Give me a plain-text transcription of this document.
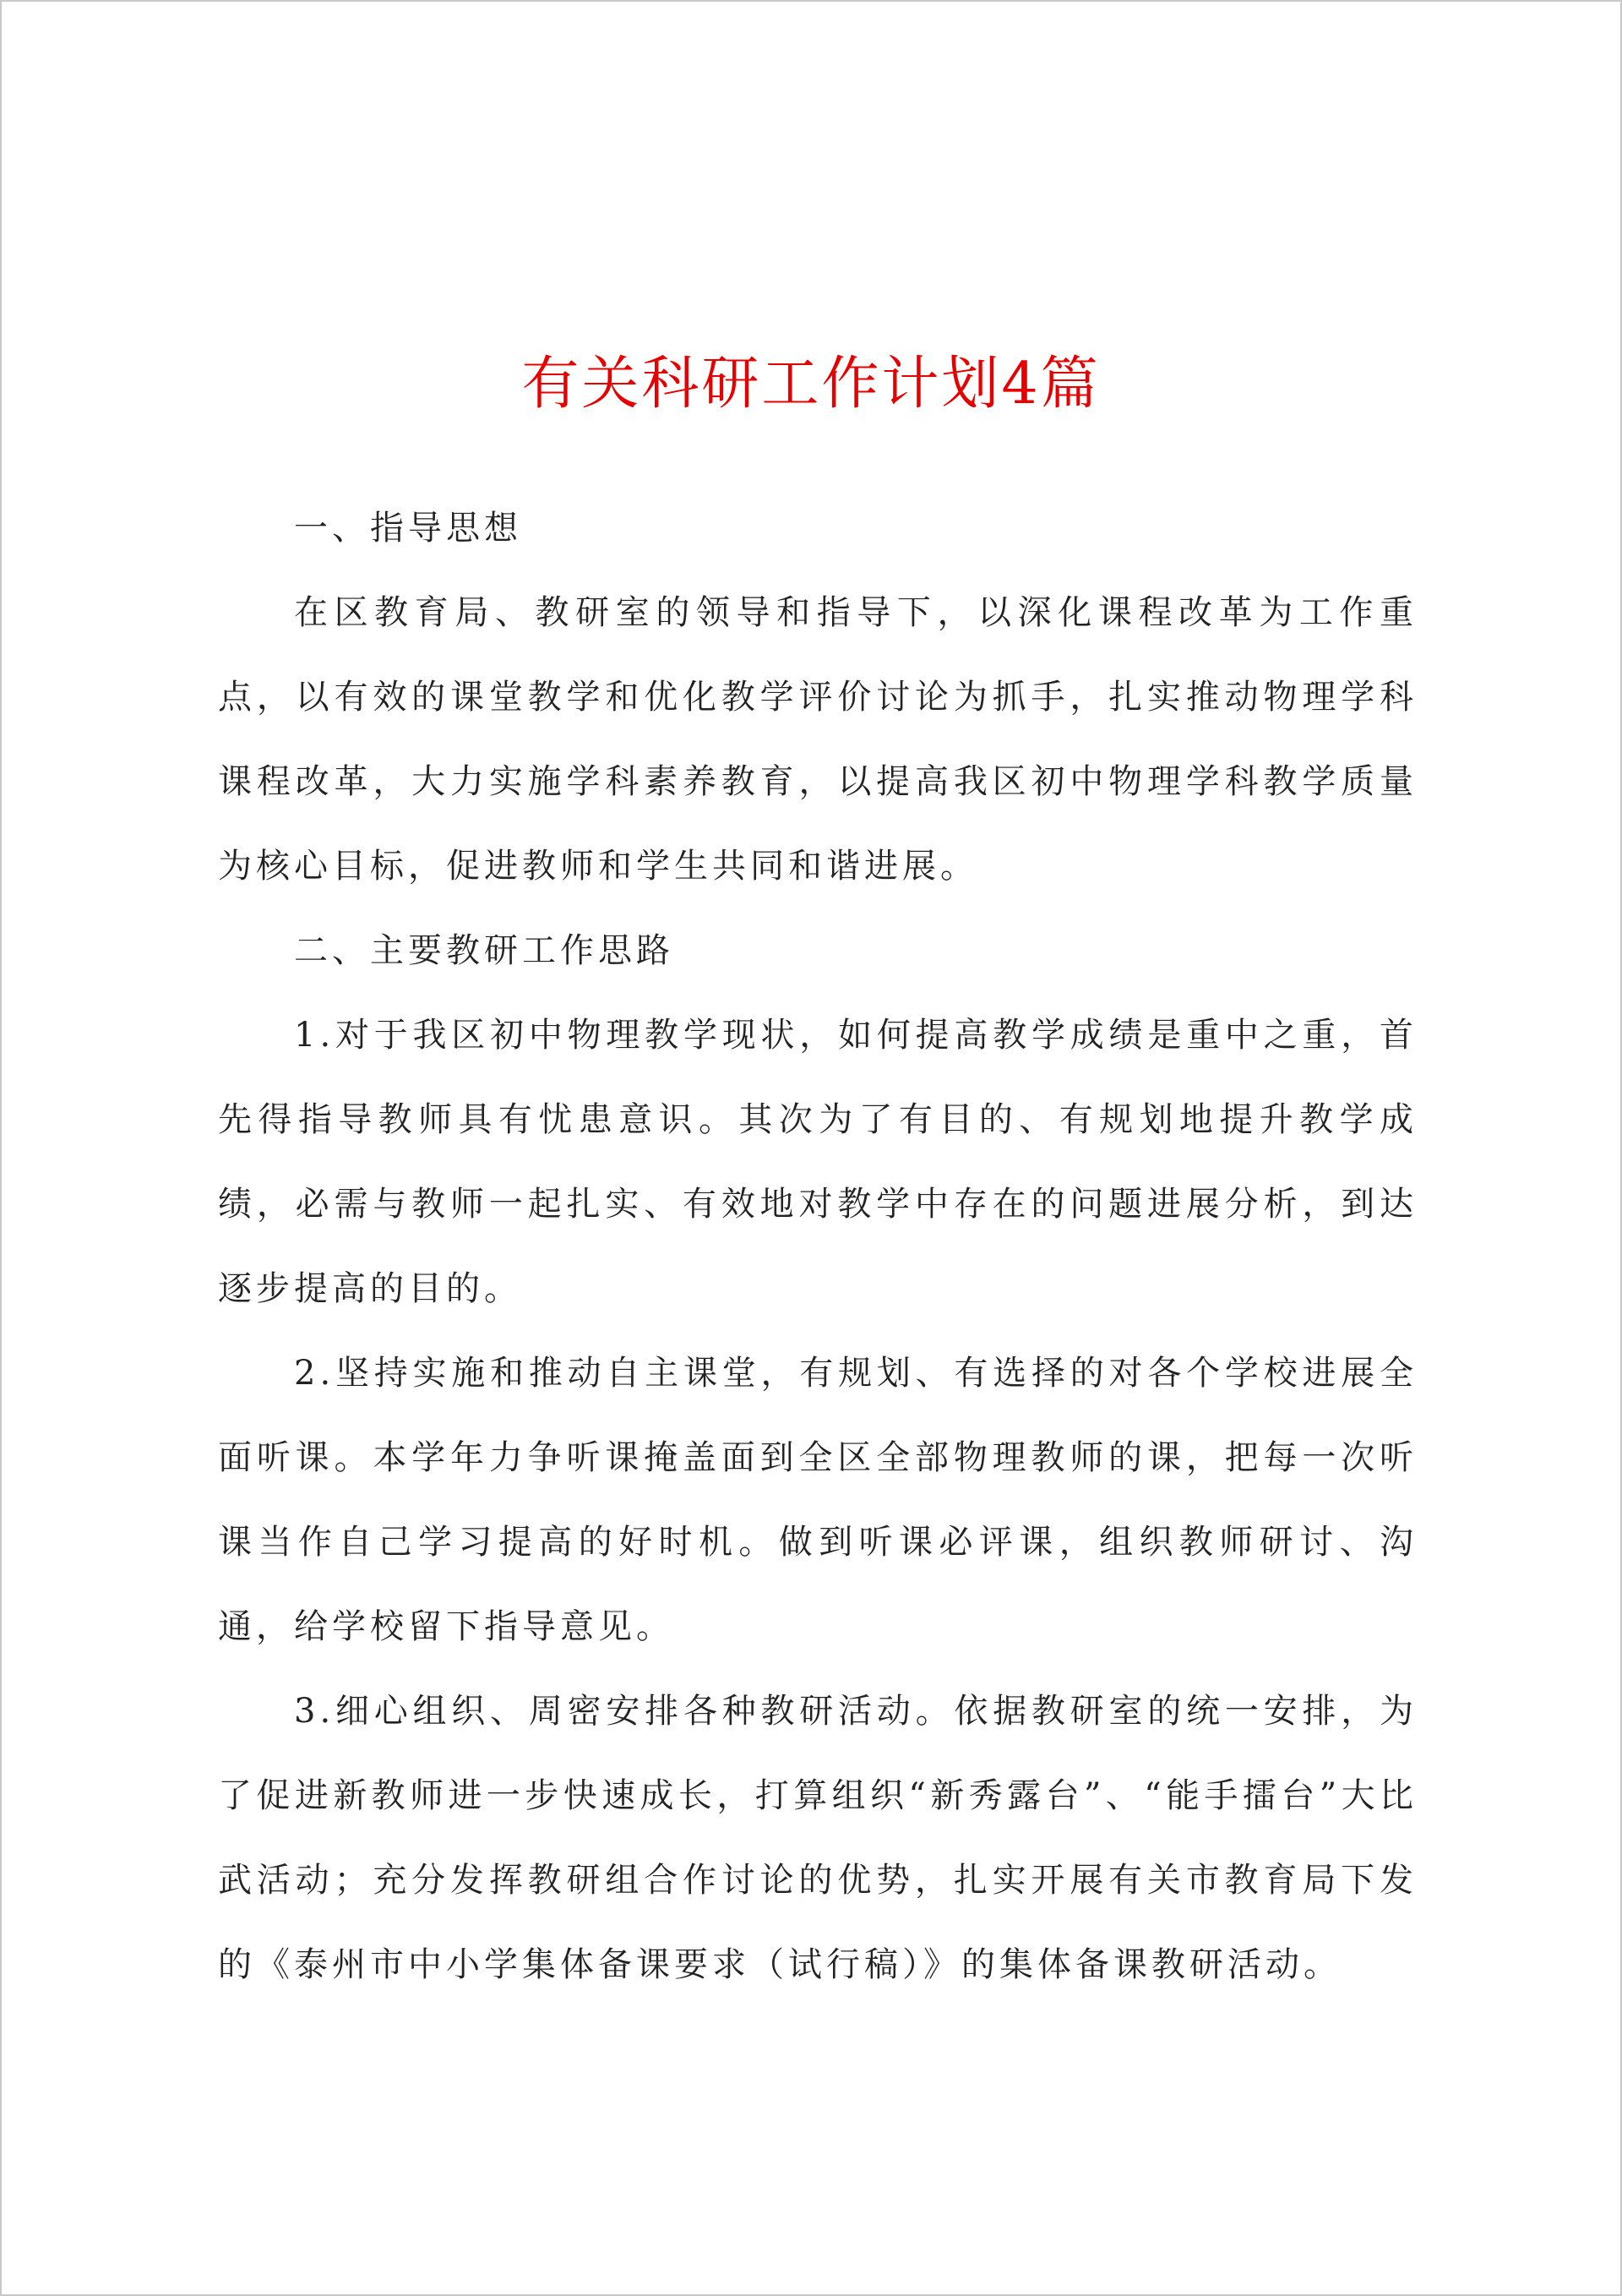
有关科研工作计划4篇

一、指导思想

在区教育局、教研室的领导和指导下，以深化课程改革为工作重点，以有效的课堂教学和优化教学评价讨论为抓手，扎实推动物理学科课程改革，大力实施学科素养教育，以提高我区初中物理学科教学质量为核心目标，促进教师和学生共同和谐进展。

二、主要教研工作思路

1.对于我区初中物理教学现状，如何提高教学成绩是重中之重，首先得指导教师具有忧患意识。其次为了有目的、有规划地提升教学成绩，必需与教师一起扎实、有效地对教学中存在的问题进展分析，到达逐步提高的目的。

2.坚持实施和推动自主课堂，有规划、有选择的对各个学校进展全面听课。本学年力争听课掩盖面到全区全部物理教师的课，把每一次听课当作自己学习提高的好时机。做到听课必评课，组织教师研讨、沟通，给学校留下指导意见。

3.细心组织、周密安排各种教研活动。依据教研室的统一安排，为了促进新教师进一步快速成长，打算组织“新秀露台”、“能手擂台”大比武活动；充分发挥教研组合作讨论的优势，扎实开展有关市教育局下发的《泰州市中小学集体备课要求（试行稿）》的集体备课教研活动。
